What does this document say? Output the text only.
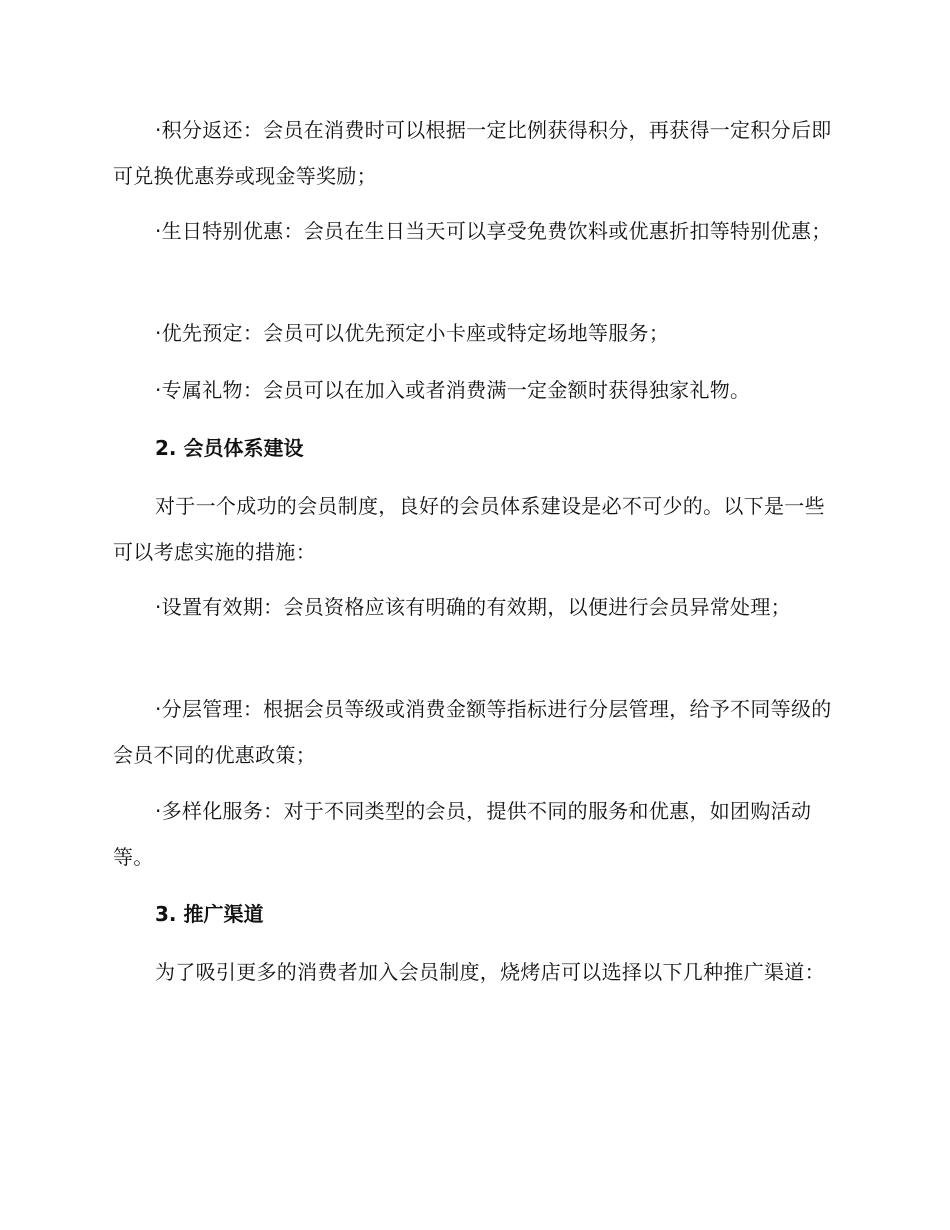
·积分返还：会员在消费时可以根据一定比例获得积分，再获得一定积分后即可兑换优惠券或现金等奖励；

·生日特别优惠：会员在生日当天可以享受免费饮料或优惠折扣等特别优惠；

·优先预定：会员可以优先预定小卡座或特定场地等服务；

·专属礼物：会员可以在加入或者消费满一定金额时获得独家礼物。

2. 会员体系建设

对于一个成功的会员制度，良好的会员体系建设是必不可少的。以下是一些可以考虑实施的措施：

·设置有效期：会员资格应该有明确的有效期，以便进行会员异常处理；

·分层管理：根据会员等级或消费金额等指标进行分层管理，给予不同等级的会员不同的优惠政策；

·多样化服务：对于不同类型的会员，提供不同的服务和优惠，如团购活动等。

3. 推广渠道

为了吸引更多的消费者加入会员制度，烧烤店可以选择以下几种推广渠道：
